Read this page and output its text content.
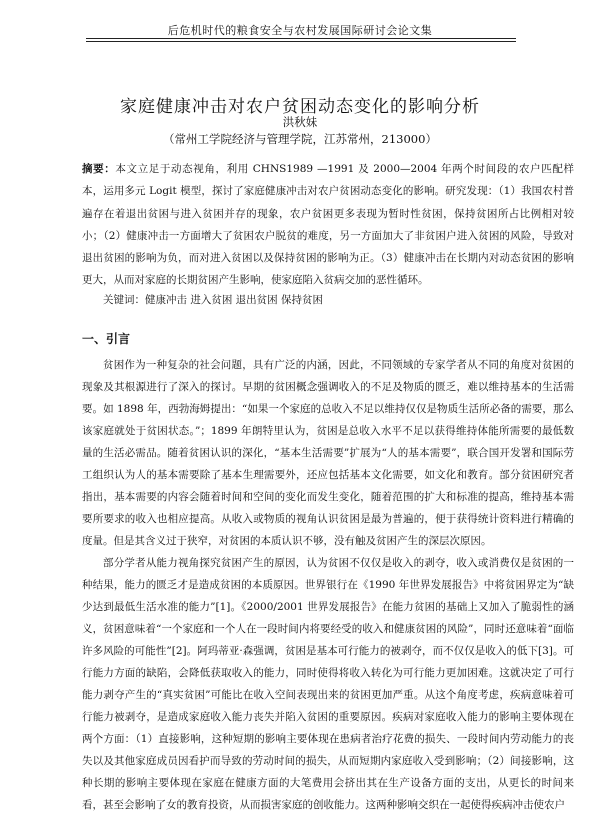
后危机时代的粮食安全与农村发展国际研讨会论文集
家庭健康冲击对农户贫困动态变化的影响分析
洪秋妹
（常州工学院经济与管理学院，江苏常州，213000）
摘要：本文立足于动态视角，利用 CHNS1989 —1991 及 2000—2004 年两个时间段的农户匹配样本，运用多元 Logit 模型，探讨了家庭健康冲击对农户贫困动态变化的影响。研究发现：（1）我国农村普遍存在着退出贫困与进入贫困并存的现象，农户贫困更多表现为暂时性贫困，保持贫困所占比例相对较小；（2）健康冲击一方面增大了贫困农户脱贫的难度，另一方面加大了非贫困户进入贫困的风险，导致对退出贫困的影响为负，而对进入贫困以及保持贫困的影响为正。（3）健康冲击在长期内对动态贫困的影响更大，从而对家庭的长期贫困产生影响，使家庭陷入贫病交加的恶性循环。
　　关键词：健康冲击 进入贫困 退出贫困 保持贫困
一、引言
贫困作为一种复杂的社会问题，具有广泛的内涵，因此，不同领域的专家学者从不同的角度对贫困的现象及其根源进行了深入的探讨。早期的贫困概念强调收入的不足及物质的匮乏，难以维持基本的生活需要。如 1898 年，西勃海姆提出：“如果一个家庭的总收入不足以维持仅仅是物质生活所必备的需要，那么该家庭就处于贫困状态。”；1899 年朗特里认为，贫困是总收入水平不足以获得维持体能所需要的最低数量的生活必需品。随着贫困认识的深化，“基本生活需要”扩展为“人的基本需要”，联合国开发署和国际劳工组织认为人的基本需要除了基本生理需要外，还应包括基本文化需要，如文化和教育。部分贫困研究者指出，基本需要的内容会随着时间和空间的变化而发生变化，随着范围的扩大和标准的提高，维持基本需要所要求的收入也相应提高。从收入或物质的视角认识贫困是最为普遍的，便于获得统计资料进行精确的度量。但是其含义过于狭窄，对贫困的本质认识不够，没有触及贫困产生的深层次原因。
部分学者从能力视角探究贫困产生的原因，认为贫困不仅仅是收入的剥夺，收入或消费仅是贫困的一种结果，能力的匮乏才是造成贫困的本质原因。世界银行在《1990 年世界发展报告》中将贫困界定为“缺少达到最低生活水准的能力”[1]。《2000/2001 世界发展报告》在能力贫困的基础上又加入了脆弱性的涵义，贫困意味着“一个家庭和一个人在一段时间内将要经受的收入和健康贫困的风险”，同时还意味着“面临许多风险的可能性”[2]。阿玛蒂亚·森强调，贫困是基本可行能力的被剥夺，而不仅仅是收入的低下[3]。可行能力方面的缺陷，会降低获取收入的能力，同时使得将收入转化为可行能力更加困难。这就决定了可行能力剥夺产生的“真实贫困”可能比在收入空间表现出来的贫困更加严重。从这个角度考虑，疾病意味着可行能力被剥夺，是造成家庭收入能力丧失并陷入贫困的重要原因。疾病对家庭收入能力的影响主要体现在两个方面：（1）直接影响，这种短期的影响主要体现在患病者治疗花费的损失、一段时间内劳动能力的丧失以及其他家庭成员因看护而导致的劳动时间的损失，从而短期内家庭收入受到影响；（2）间接影响，这种长期的影响主要体现在家庭在健康方面的大笔费用会挤出其在生产设备方面的支出，从更长的时间来看，甚至会影响了女的教育投资，从而损害家庭的创收能力。这两种影响交织在一起使得疾病冲击使农户
